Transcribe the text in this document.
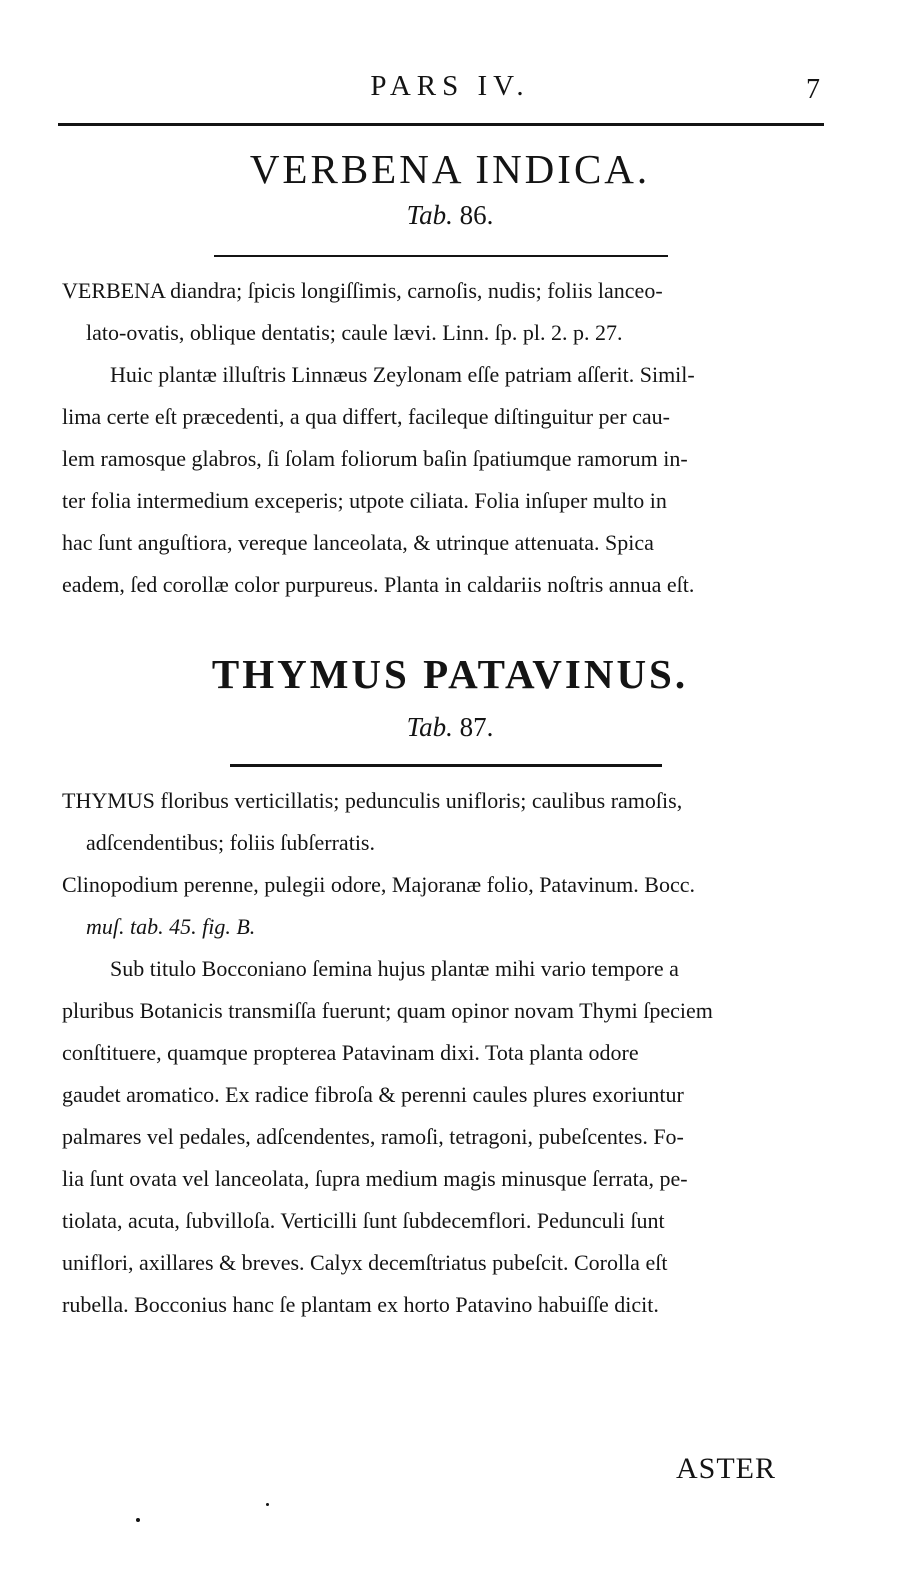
PARS IV.	7
VERBENA INDICA.
Tab. 86.
VERBENA diandra; ſpicis longiſſimis, carnoſis, nudis; foliis lanceo-
lato-ovatis, oblique dentatis; caule lævi. Linn. ſp. pl. 2. p. 27.
Huic plantæ illuſtris Linnæus Zeylonam eſſe patriam aſſerit. Simil-
lima certe eſt præcedenti, a qua differt, facileque diſtinguitur per cau-
lem ramosque glabros, ſi ſolam foliorum baſin ſpatiumque ramorum in-
ter folia intermedium exceperis; utpote ciliata. Folia inſuper multo in
hac ſunt anguſtiora, vereque lanceolata, & utrinque attenuata. Spica
eadem, ſed corollæ color purpureus. Planta in caldariis noſtris annua eſt.
THYMUS PATAVINUS.
Tab. 87.
THYMUS floribus verticillatis; pedunculis unifloris; caulibus ramoſis,
adſcendentibus; foliis ſubſerratis.
Clinopodium perenne, pulegii odore, Majoranæ folio, Patavinum. Bocc.
muſ. tab. 45. fig. B.
Sub titulo Bocconiano ſemina hujus plantæ mihi vario tempore a
pluribus Botanicis transmiſſa fuerunt; quam opinor novam Thymi ſpeciem
conſtituere, quamque propterea Patavinam dixi. Tota planta odore
gaudet aromatico. Ex radice fibroſa & perenni caules plures exoriuntur
palmares vel pedales, adſcendentes, ramoſi, tetragoni, pubeſcentes. Fo-
lia ſunt ovata vel lanceolata, ſupra medium magis minusque ſerrata, pe-
tiolata, acuta, ſubvilloſa. Verticilli ſunt ſubdecemflori. Pedunculi ſunt
uniflori, axillares & breves. Calyx decemſtriatus pubeſcit. Corolla eſt
rubella. Bocconius hanc ſe plantam ex horto Patavino habuiſſe dicit.
ASTER
